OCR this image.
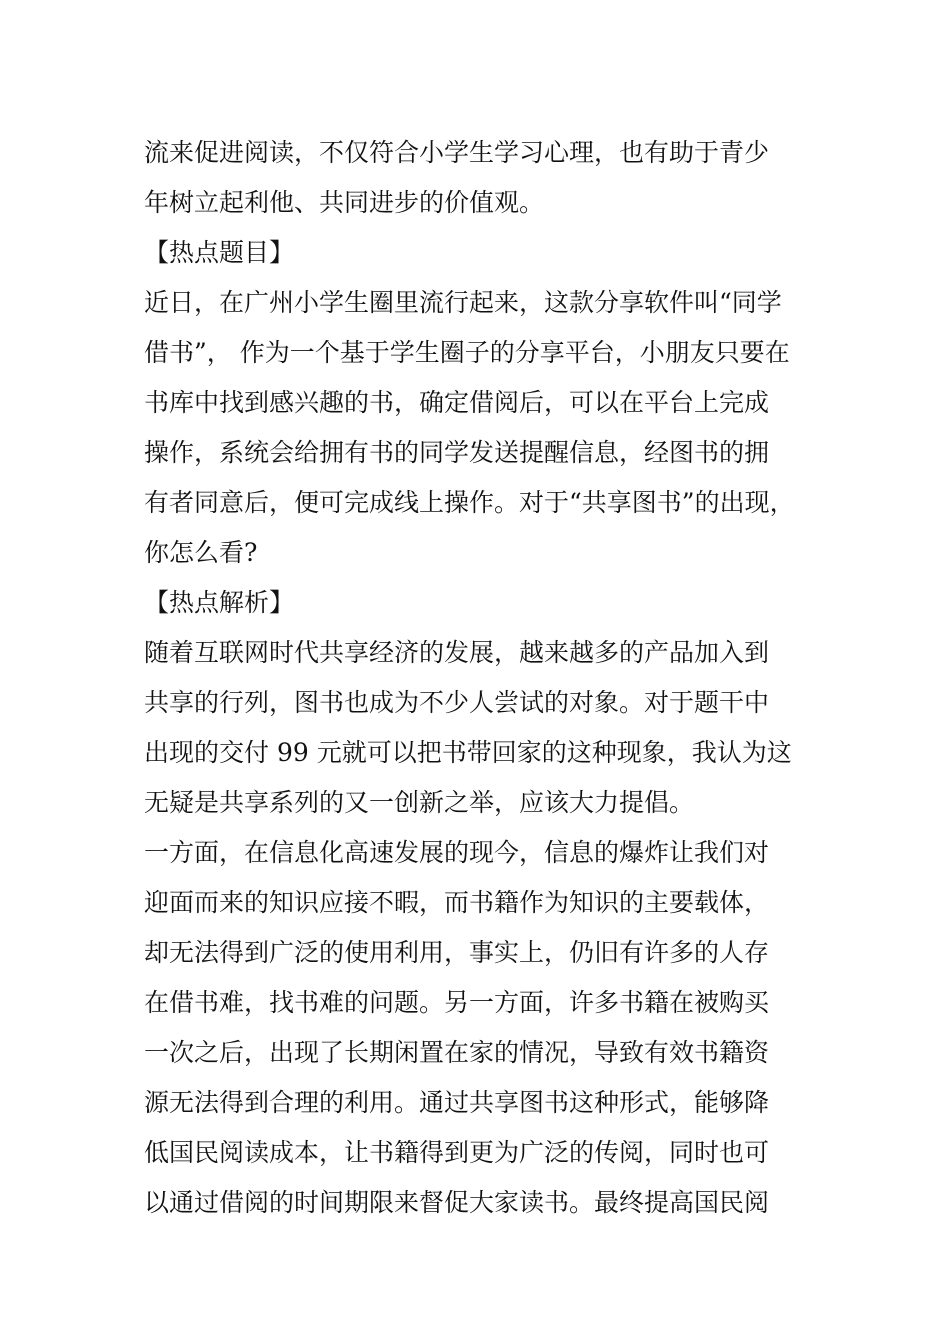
流来促进阅读，不仅符合小学生学习心理，也有助于青少
年树立起利他、共同进步的价值观。
【热点题目】
近日，在广州小学生圈里流行起来，这款分享软件叫“同学
借书”， 作为一个基于学生圈子的分享平台，小朋友只要在
书库中找到感兴趣的书，确定借阅后，可以在平台上完成
操作，系统会给拥有书的同学发送提醒信息，经图书的拥
有者同意后，便可完成线上操作。对于“共享图书”的出现，
你怎么看?
【热点解析】
随着互联网时代共享经济的发展，越来越多的产品加入到
共享的行列，图书也成为不少人尝试的对象。对于题干中
出现的交付 99 元就可以把书带回家的这种现象，我认为这
无疑是共享系列的又一创新之举，应该大力提倡。
一方面，在信息化高速发展的现今，信息的爆炸让我们对
迎面而来的知识应接不暇，而书籍作为知识的主要载体，
却无法得到广泛的使用利用，事实上，仍旧有许多的人存
在借书难，找书难的问题。另一方面，许多书籍在被购买
一次之后，出现了长期闲置在家的情况，导致有效书籍资
源无法得到合理的利用。通过共享图书这种形式，能够降
低国民阅读成本，让书籍得到更为广泛的传阅，同时也可
以通过借阅的时间期限来督促大家读书。最终提高国民阅
